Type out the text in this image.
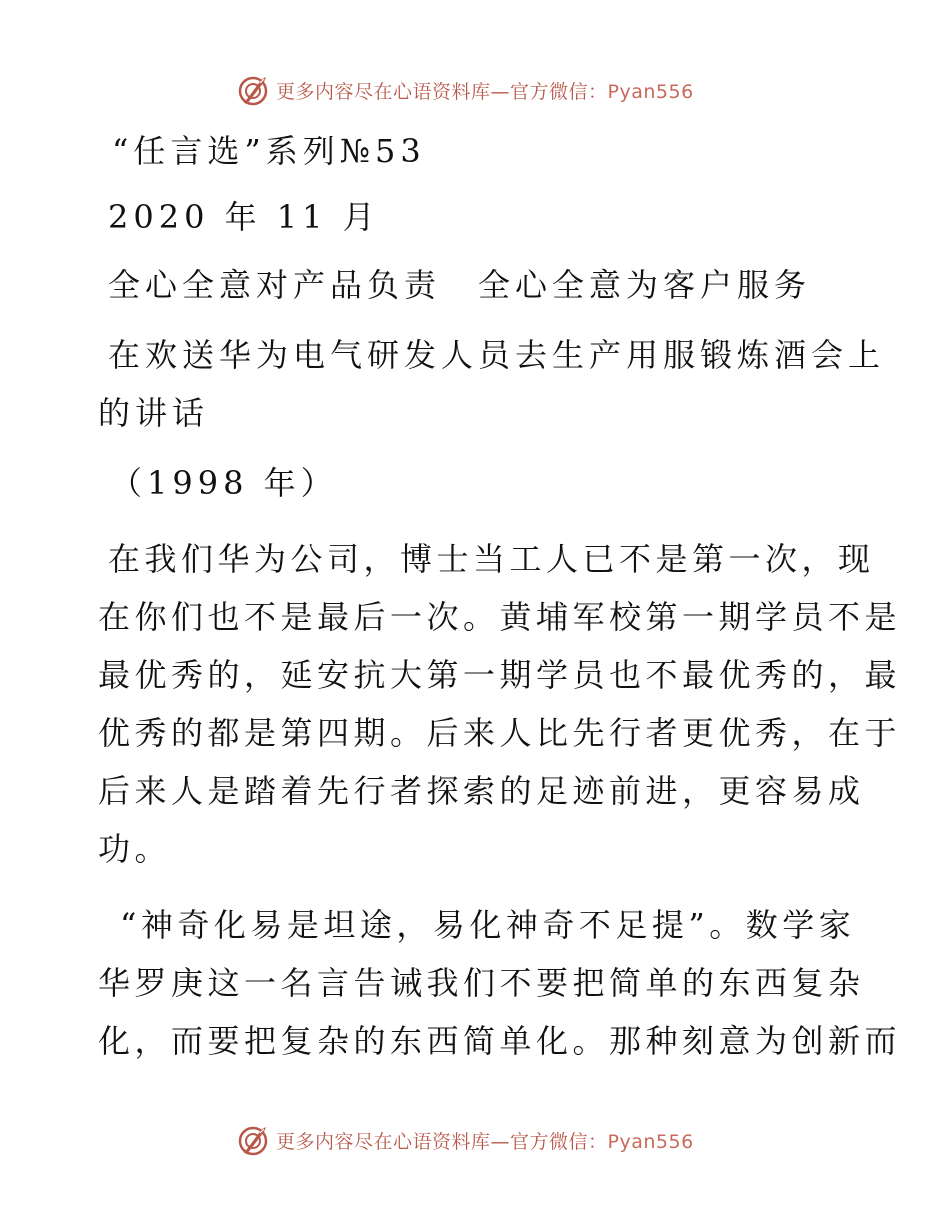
更多内容尽在心语资料库—官方微信：Pyan556

“任言选”系列№53

2020 年 11 月

全心全意对产品负责　全心全意为客户服务

在欢送华为电气研发人员去生产用服锻炼酒会上
的讲话

（1998 年）

在我们华为公司，博士当工人已不是第一次，现
在你们也不是最后一次。黄埔军校第一期学员不是
最优秀的，延安抗大第一期学员也不最优秀的，最
优秀的都是第四期。后来人比先行者更优秀，在于
后来人是踏着先行者探索的足迹前进，更容易成
功。
“神奇化易是坦途，易化神奇不足提”。数学家
华罗庚这一名言告诫我们不要把简单的东西复杂
化，而要把复杂的东西简单化。那种刻意为创新而
更多内容尽在心语资料库—官方微信：Pyan556
